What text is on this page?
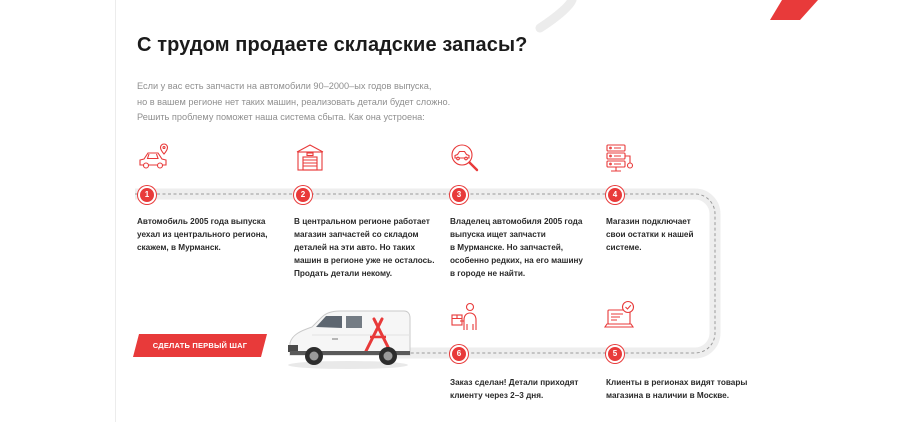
С трудом продаете складские запасы?

Если у вас есть запчасти на автомобили 90–2000–ых годов выпуска,
но в вашем регионе нет таких машин, реализовать детали будет сложно.
Решить проблему поможет наша система сбыта. Как она устроена:

1	2	3	4
5
6

Автомобиль 2005 года выпуска
уехал из центрального региона,
скажем, в Мурманск.

В центральном регионе работает
магазин запчастей со складом
деталей на эти авто. Но таких
машин в регионе уже не осталось.
Продать детали некому.

Владелец автомобиля 2005 года
выпуска ищет запчасти
в Мурманске. Но запчастей,
особенно редких, на его машину
в городе не найти.

Магазин подключает
свои остатки к нашей
системе.

Клиенты в регионах видят товары
магазина в наличии в Москве.

Заказ сделан! Детали приходят
клиенту через 2–3 дня.

СДЕЛАТЬ ПЕРВЫЙ ШАГ
